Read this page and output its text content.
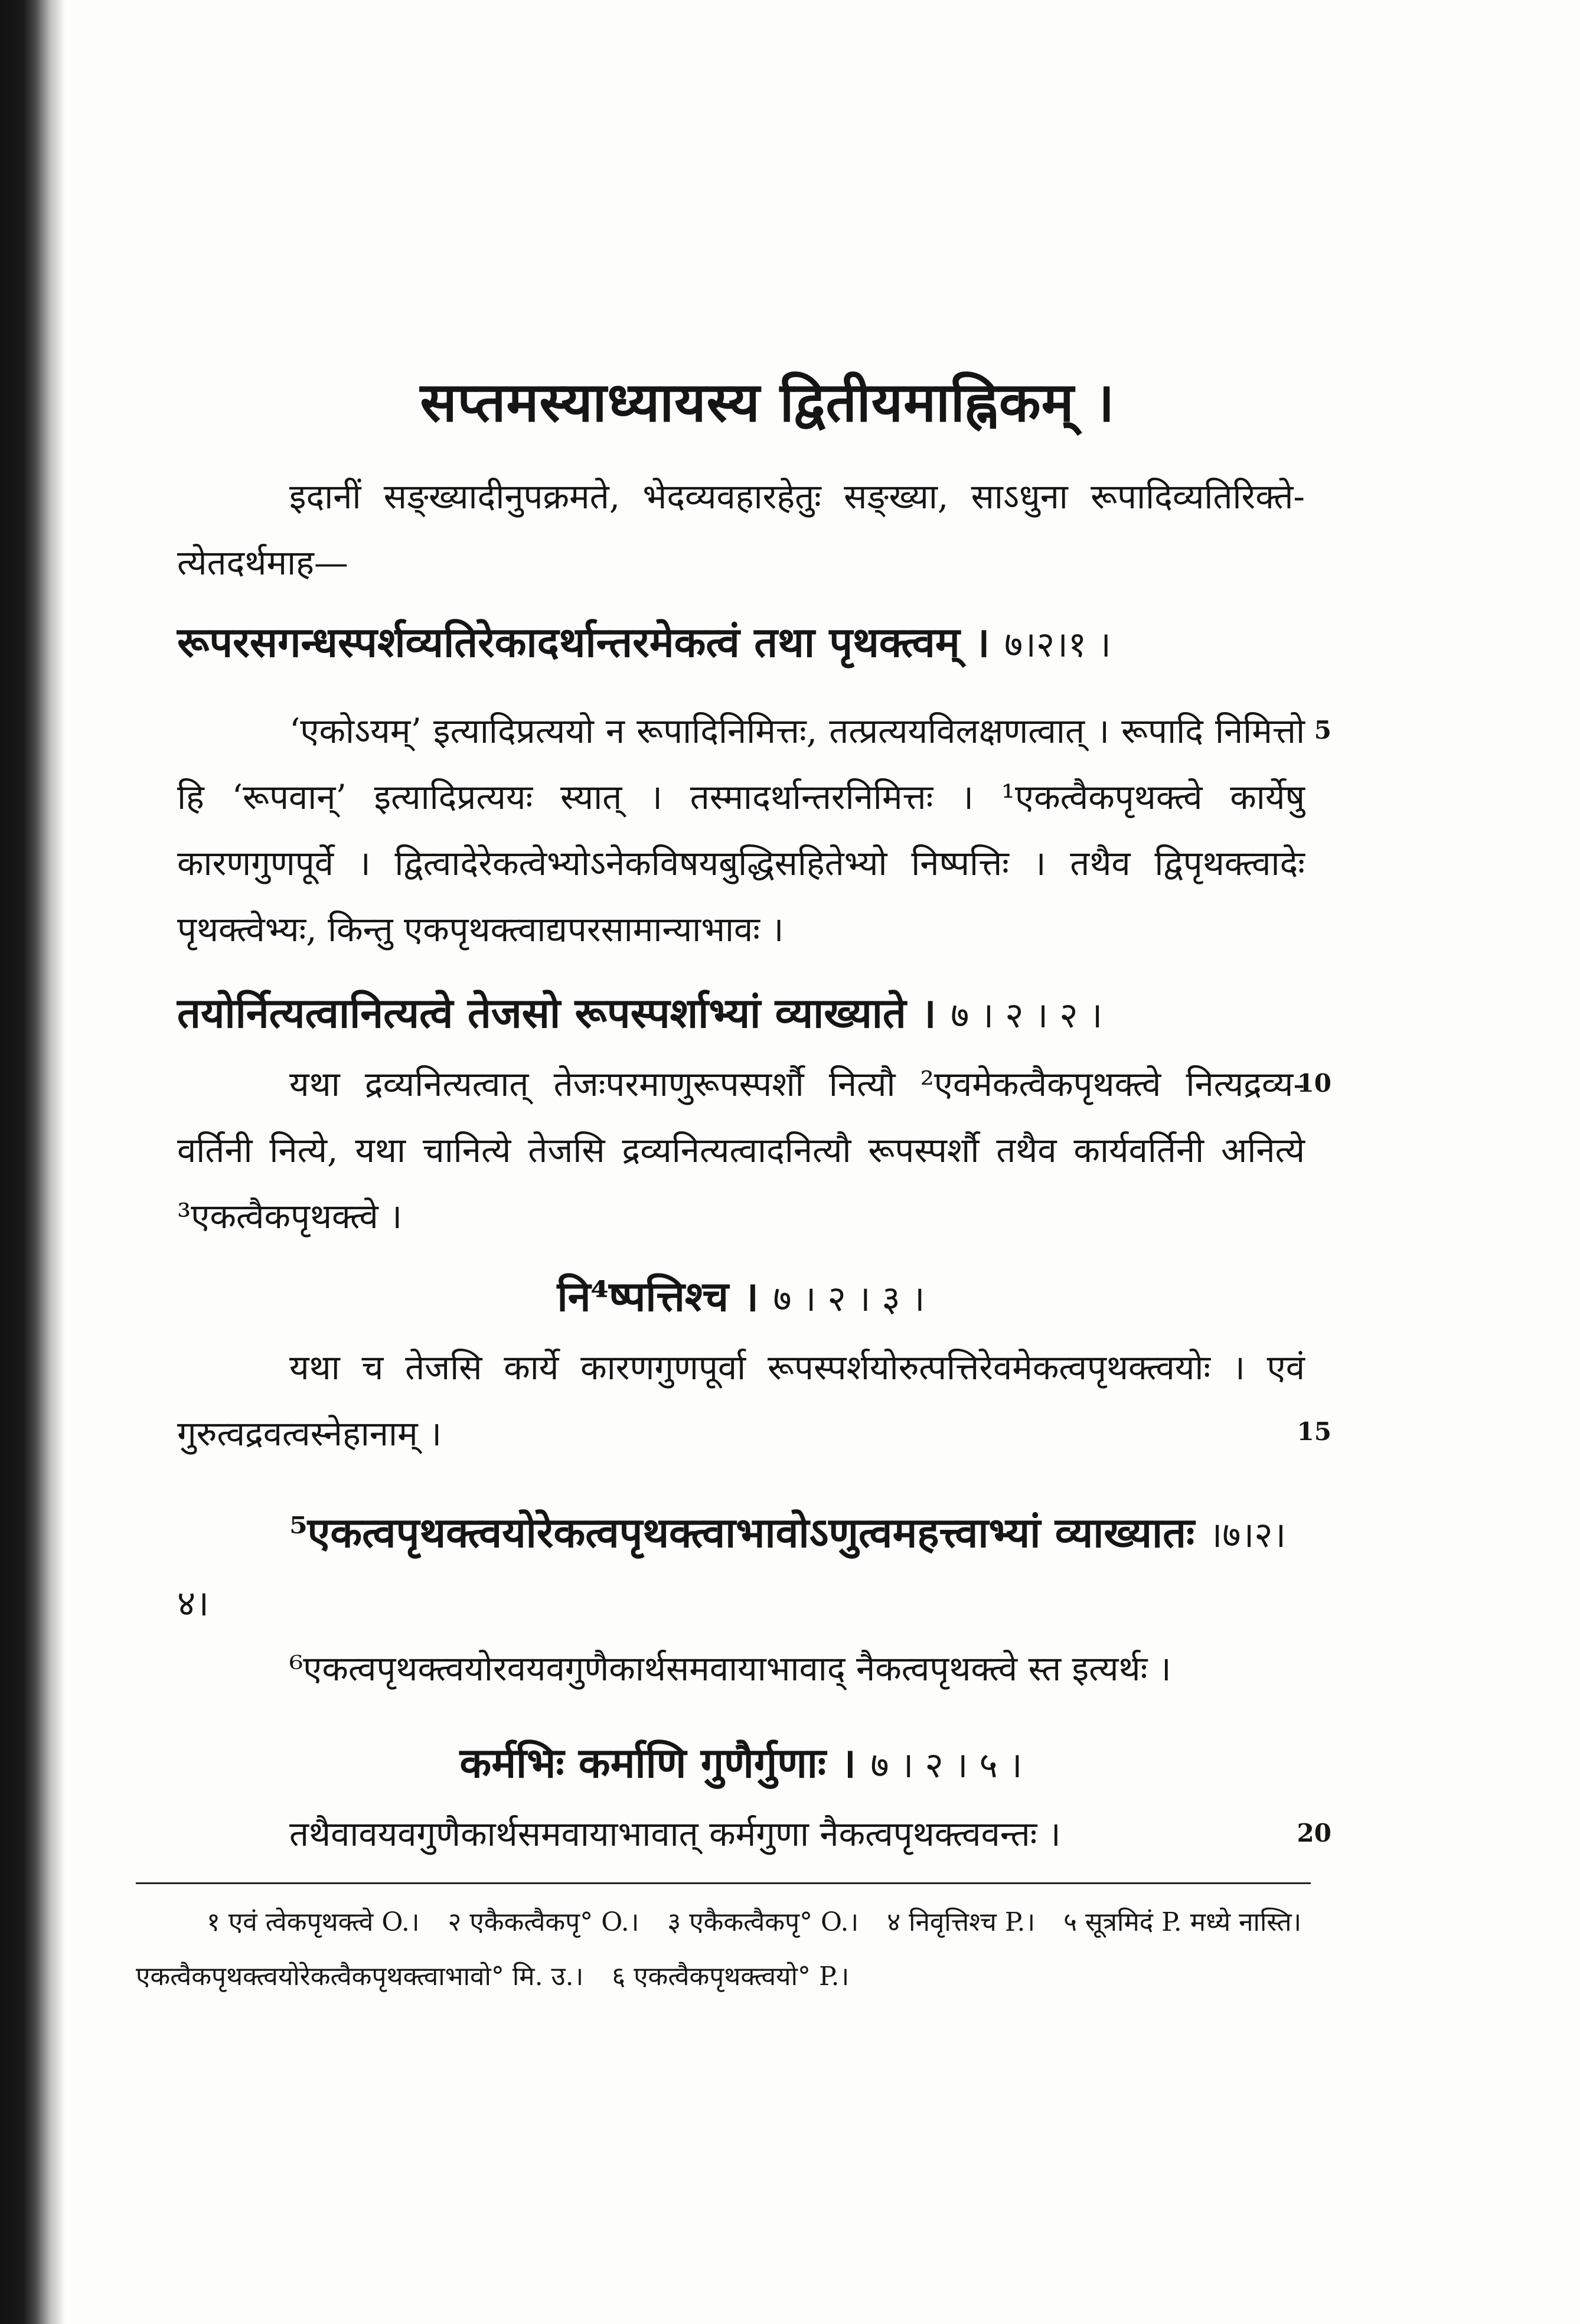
सप्तमस्याध्यायस्य द्वितीयमाह्निकम् ।
इदानीं सङ्ख्यादीनुपक्रमते, भेदव्यवहारहेतुः सङ्ख्या, साऽधुना रूपादिव्यतिरिक्ते-त्येतदर्थमाह—
रूपरसगन्धस्पर्शव्यतिरेकादर्थान्तरमेकत्वं तथा पृथक्त्वम् । ७।२।१ ।
‘एकोऽयम्’ इत्यादिप्रत्ययो न रूपादिनिमित्तः, तत्प्रत्ययविलक्षणत्वात् । रूपादि निमित्तो हि ‘रूपवान्’ इत्यादिप्रत्ययः स्यात् । तस्मादर्थान्तरनिमित्तः । ¹एकत्वैकपृथक्त्वे कार्येषु कारणगुणपूर्वे । द्वित्वादेरेकत्वेभ्योऽनेकविषयबुद्धिसहितेभ्यो निष्पत्तिः । तथैव द्विपृथक्त्वादेः पृथक्त्वेभ्यः, किन्तु एकपृथक्त्वाद्यपरसामान्याभावः ।
5
तयोर्नित्यत्वानित्यत्वे तेजसो रूपस्पर्शाभ्यां व्याख्याते । ७ । २ । २ ।
यथा द्रव्यनित्यत्वात् तेजःपरमाणुरूपस्पर्शौ नित्यौ ²एवमेकत्वैकपृथक्त्वे नित्यद्रव्य-वर्तिनी नित्ये, यथा चानित्ये तेजसि द्रव्यनित्यत्वादनित्यौ रूपस्पर्शौ तथैव कार्यवर्तिनी अनित्ये ³एकत्वैकपृथक्त्वे ।
10
नि⁴ष्पत्तिश्च । ७ । २ । ३ ।
यथा च तेजसि कार्ये कारणगुणपूर्वा रूपस्पर्शयोरुत्पत्तिरेवमेकत्वपृथक्त्वयोः । एवं गुरुत्वद्रवत्वस्नेहानाम् ।	15
⁵एकत्वपृथक्त्वयोरेकत्वपृथक्त्वाभावोऽणुत्वमहत्त्वाभ्यां व्याख्यातः ।७।२।४।
⁶एकत्वपृथक्त्वयोरवयवगुणैकार्थसमवायाभावाद् नैकत्वपृथक्त्वे स्त इत्यर्थः ।
कर्मभिः कर्माणि गुणैर्गुणाः । ७ । २ । ५ ।
तथैवावयवगुणैकार्थसमवायाभावात् कर्मगुणा नैकत्वपृथक्त्ववन्तः ।	20
१ एवं त्वेकपृथक्त्वे O.। २ एकैकत्वैकपृ° O.। ३ एकैकत्वैकपृ° O.। ४ निवृत्तिश्च P.। ५ सूत्रमिदं P. मध्ये नास्ति। एकत्वैकपृथक्त्वयोरेकत्वैकपृथक्त्वाभावो° मि. उ.। ६ एकत्वैकपृथक्त्वयो° P.।
